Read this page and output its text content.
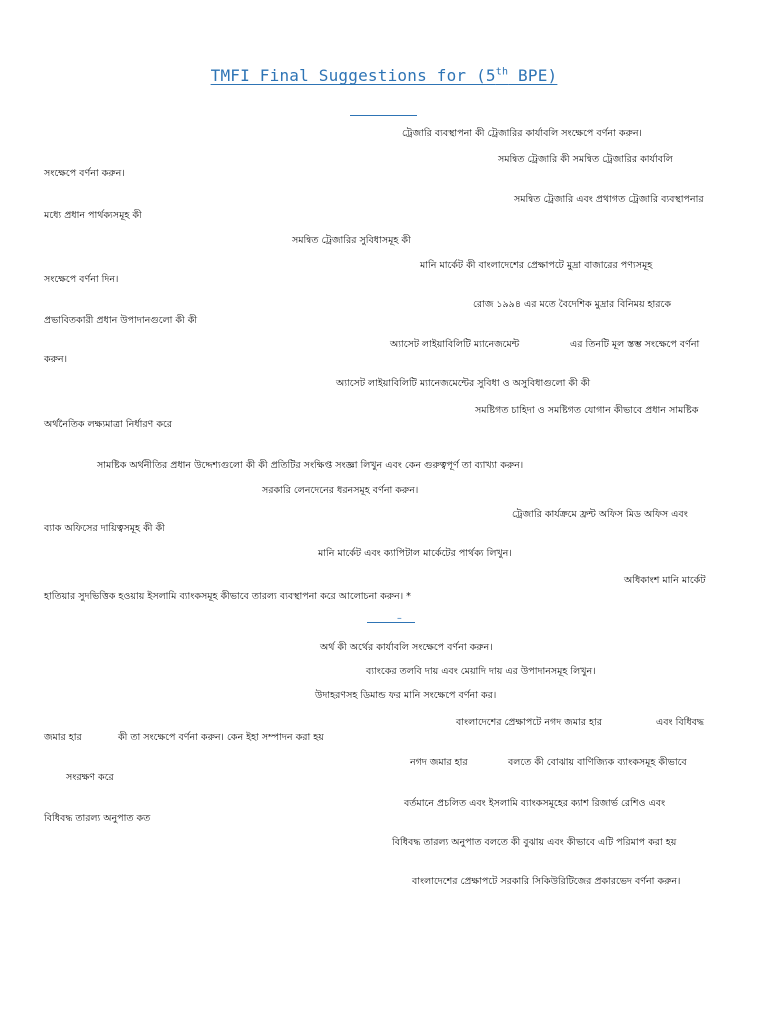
TMFI Final Suggestions for (5th BPE)
ট্রেজারি ব্যবস্থাপনা কী ট্রেজারির কার্যাবলি সংক্ষেপে বর্ণনা করুন।
সমন্বিত ট্রেজারি কী সমন্বিত ট্রেজারির কার্যাবলি
সংক্ষেপে বর্ণনা করুন।
সমন্বিত ট্রেজারি এবং প্রথাগত ট্রেজারি ব্যবস্থাপনার
মধ্যে প্রধান পার্থক্যসমূহ কী
সমন্বিত ট্রেজারির সুবিধাসমূহ কী
মানি মার্কেট কী বাংলাদেশের প্রেক্ষাপটে মুদ্রা বাজারের পণ্যসমূহ
সংক্ষেপে বর্ণনা দিন।
রোজ ১৯৯৪ এর মতে বৈদেশিক মুদ্রার বিনিময় হারকে
প্রভাবিতকারী প্রধান উপাদানগুলো কী কী
অ্যাসেট লাইয়াবিলিটি ম্যানেজমেন্ট	এর তিনটি মূল স্তম্ভ সংক্ষেপে বর্ণনা
করুন।
অ্যাসেট লাইয়াবিলিটি ম্যানেজমেন্টের সুবিধা ও অসুবিধাগুলো কী কী
সমষ্টিগত চাহিদা ও সমষ্টিগত যোগান কীভাবে প্রধান সামষ্টিক
অর্থনৈতিক লক্ষ্যমাত্রা নির্ধারণ করে
সামষ্টিক অর্থনীতির প্রধান উদ্দেশ্যগুলো কী কী প্রতিটির সংক্ষিপ্ত সংজ্ঞা লিখুন এবং কেন গুরুত্বপূর্ণ তা ব্যাখ্যা করুন।
সরকারি লেনদেনের ধরনসমূহ বর্ণনা করুন।
ট্রেজারি কার্যক্রমে ফ্রন্ট অফিস মিড অফিস এবং
ব্যাক অফিসের দায়িত্বসমূহ কী কী
মানি মার্কেট এবং ক্যাপিটাল মার্কেটের পার্থক্য লিখুন।
অধিকাংশ মানি মার্কেট
হাতিয়ার সুদভিত্তিক হওয়ায় ইসলামি ব্যাংকসমূহ কীভাবে তারল্য ব্যবস্থাপনা করে আলোচনা করুন। *
–
অর্থ কী অর্থের কার্যাবলি সংক্ষেপে বর্ণনা করুন।
ব্যাংকের তলবি দায় এবং মেয়াদি দায় এর উপাদানসমূহ লিখুন।
উদাহরণসহ ডিমান্ড ফর মানি সংক্ষেপে বর্ণনা কর।
বাংলাদেশের প্রেক্ষাপটে নগদ জমার হার	এবং বিধিবদ্ধ
জমার হার	কী তা সংক্ষেপে বর্ণনা করুন। কেন ইহা সম্পাদন করা হয়
নগদ জমার হার	বলতে কী বোঝায় বাণিজ্যিক ব্যাংকসমূহ কীভাবে
সংরক্ষণ করে
বর্তমানে প্রচলিত এবং ইসলামি ব্যাংকসমূহের ক্যাশ রিজার্ভ রেশিও এবং
বিধিবদ্ধ তারল্য অনুপাত কত
বিধিবদ্ধ তারল্য অনুপাত বলতে কী বুঝায় এবং কীভাবে এটি পরিমাপ করা হয়
বাংলাদেশের প্রেক্ষাপটে সরকারি সিকিউরিটিজের প্রকারভেদ বর্ণনা করুন।
